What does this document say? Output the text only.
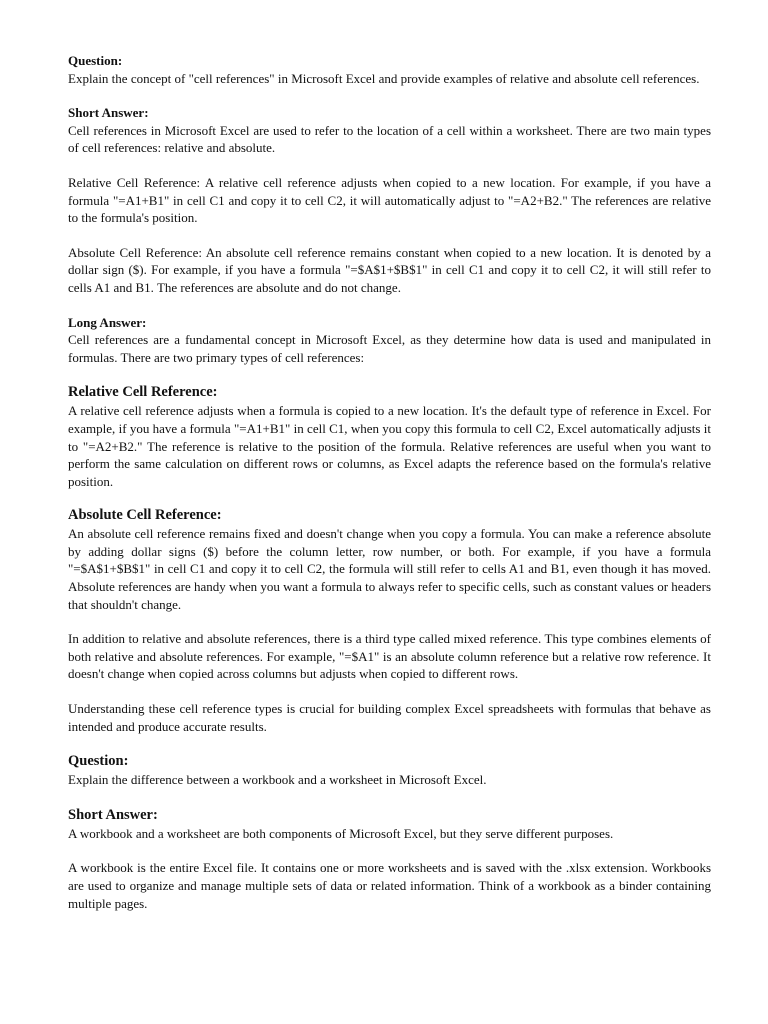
Question:
Explain the concept of "cell references" in Microsoft Excel and provide examples of relative and absolute cell references.
Short Answer:
Cell references in Microsoft Excel are used to refer to the location of a cell within a worksheet. There are two main types of cell references: relative and absolute.
Relative Cell Reference: A relative cell reference adjusts when copied to a new location. For example, if you have a formula "=A1+B1" in cell C1 and copy it to cell C2, it will automatically adjust to "=A2+B2." The references are relative to the formula's position.
Absolute Cell Reference: An absolute cell reference remains constant when copied to a new location. It is denoted by a dollar sign ($). For example, if you have a formula "=$A$1+$B$1" in cell C1 and copy it to cell C2, it will still refer to cells A1 and B1. The references are absolute and do not change.
Long Answer:
Cell references are a fundamental concept in Microsoft Excel, as they determine how data is used and manipulated in formulas. There are two primary types of cell references:
Relative Cell Reference:
A relative cell reference adjusts when a formula is copied to a new location. It's the default type of reference in Excel. For example, if you have a formula "=A1+B1" in cell C1, when you copy this formula to cell C2, Excel automatically adjusts it to "=A2+B2." The reference is relative to the position of the formula. Relative references are useful when you want to perform the same calculation on different rows or columns, as Excel adapts the reference based on the formula's relative position.
Absolute Cell Reference:
An absolute cell reference remains fixed and doesn't change when you copy a formula. You can make a reference absolute by adding dollar signs ($) before the column letter, row number, or both. For example, if you have a formula "=$A$1+$B$1" in cell C1 and copy it to cell C2, the formula will still refer to cells A1 and B1, even though it has moved. Absolute references are handy when you want a formula to always refer to specific cells, such as constant values or headers that shouldn't change.
In addition to relative and absolute references, there is a third type called mixed reference. This type combines elements of both relative and absolute references. For example, "=$A1" is an absolute column reference but a relative row reference. It doesn't change when copied across columns but adjusts when copied to different rows.
Understanding these cell reference types is crucial for building complex Excel spreadsheets with formulas that behave as intended and produce accurate results.
Question:
Explain the difference between a workbook and a worksheet in Microsoft Excel.
Short Answer:
A workbook and a worksheet are both components of Microsoft Excel, but they serve different purposes.
A workbook is the entire Excel file. It contains one or more worksheets and is saved with the .xlsx extension. Workbooks are used to organize and manage multiple sets of data or related information. Think of a workbook as a binder containing multiple pages.
